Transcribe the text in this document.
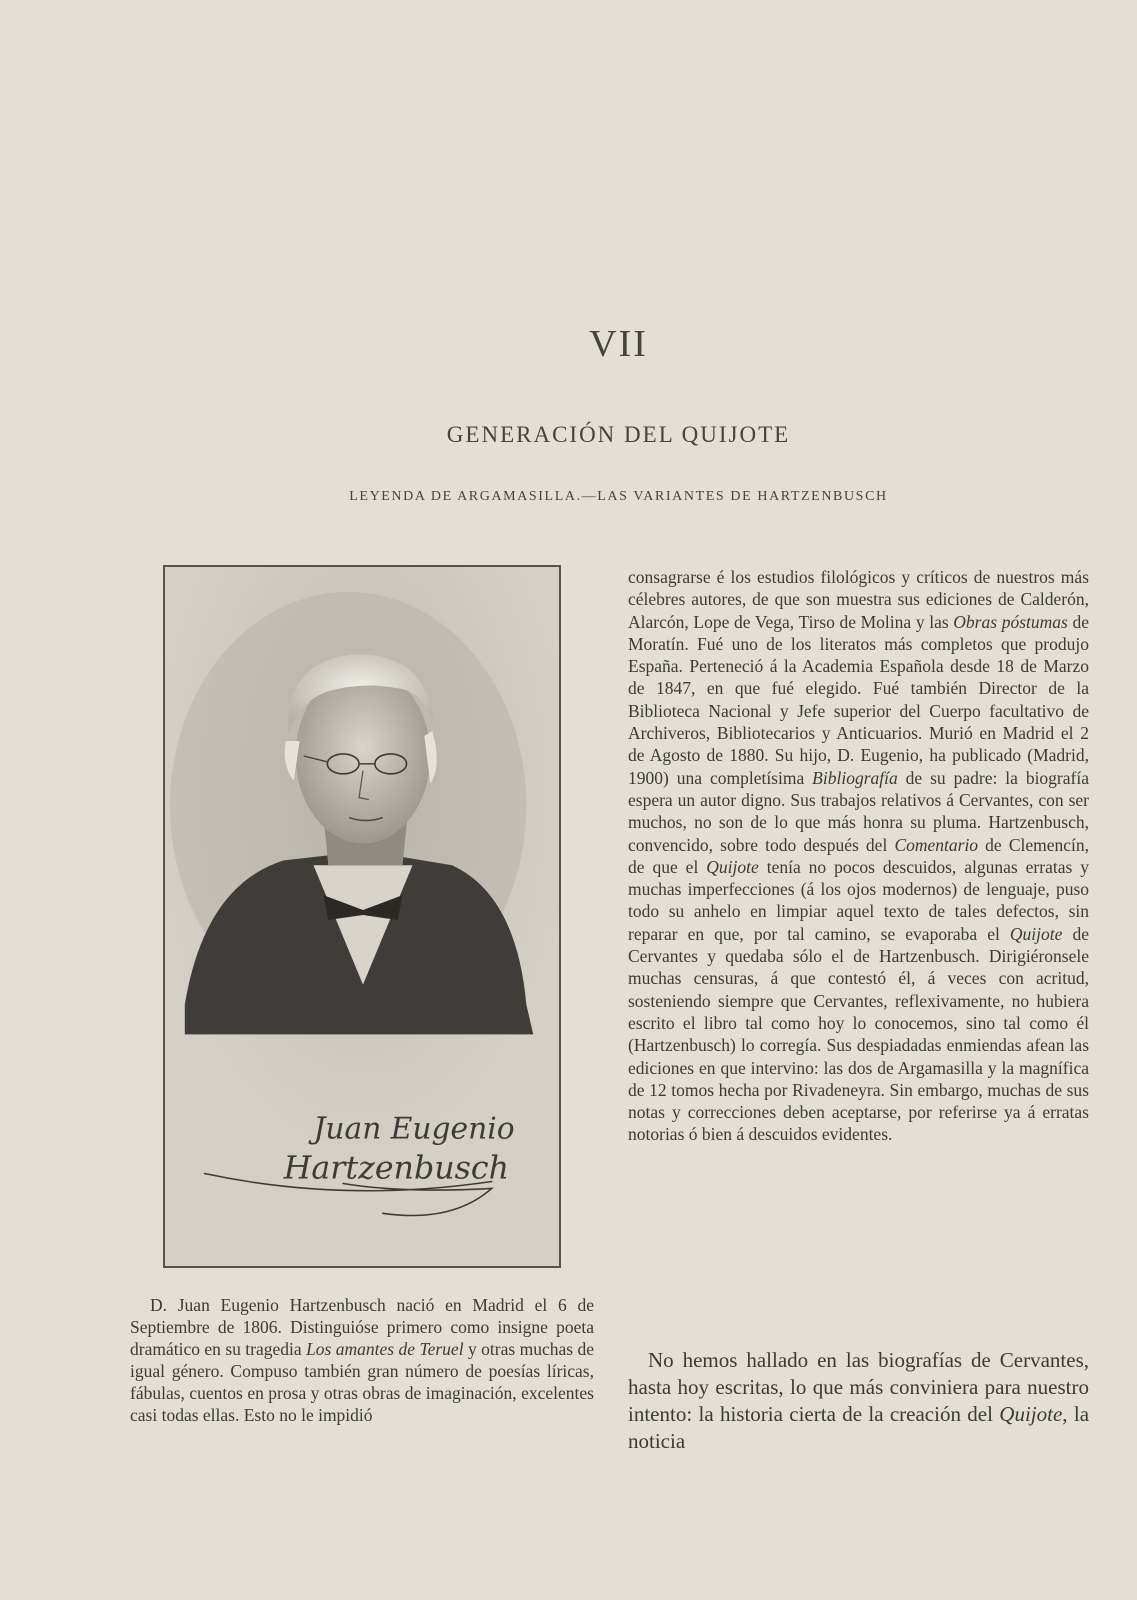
VII
GENERACIÓN DEL QUIJOTE
LEYENDA DE ARGAMASILLA.—LAS VARIANTES DE HARTZENBUSCH
Juan Eugenio
Hartzenbusch

D. Juan Eugenio Hartzenbusch nació en Madrid el 6 de Septiembre de 1806. Distinguióse primero como insigne poeta dramático en su tragedia Los amantes de Teruel y otras muchas de igual género. Compuso también gran número de poesías líricas, fábulas, cuentos en prosa y otras obras de imaginación, excelentes casi todas ellas. Esto no le impidió

consagrarse é los estudios filológicos y críticos de nuestros más célebres autores, de que son muestra sus ediciones de Calderón, Alarcón, Lope de Vega, Tirso de Molina y las Obras póstumas de Moratín. Fué uno de los literatos más completos que produjo España. Perteneció á la Academia Española desde 18 de Marzo de 1847, en que fué elegido. Fué también Director de la Biblioteca Nacional y Jefe superior del Cuerpo facultativo de Archiveros, Bibliotecarios y Anticuarios. Murió en Madrid el 2 de Agosto de 1880. Su hijo, D. Eugenio, ha publicado (Madrid, 1900) una completísima Bibliografía de su padre: la biografía espera un autor digno. Sus trabajos relativos á Cervantes, con ser muchos, no son de lo que más honra su pluma. Hartzenbusch, convencido, sobre todo después del Comentario de Clemencín, de que el Quijote tenía no pocos descuidos, algunas erratas y muchas imperfecciones (á los ojos modernos) de lenguaje, puso todo su anhelo en limpiar aquel texto de tales defectos, sin reparar en que, por tal camino, se evaporaba el Quijote de Cervantes y quedaba sólo el de Hartzenbusch. Dirigiéronsele muchas censuras, á que contestó él, á veces con acritud, sosteniendo siempre que Cervantes, reflexivamente, no hubiera escrito el libro tal como hoy lo conocemos, sino tal como él (Hartzenbusch) lo corregía. Sus despiadadas enmiendas afean las ediciones en que intervino: las dos de Argamasilla y la magnífica de 12 tomos hecha por Rivadeneyra. Sin embargo, muchas de sus notas y correcciones deben aceptarse, por referirse ya á erratas notorias ó bien á descuidos evidentes.

No hemos hallado en las biografías de Cervantes, hasta hoy escritas, lo que más conviniera para nuestro intento: la historia cierta de la creación del Quijote, la noticia
